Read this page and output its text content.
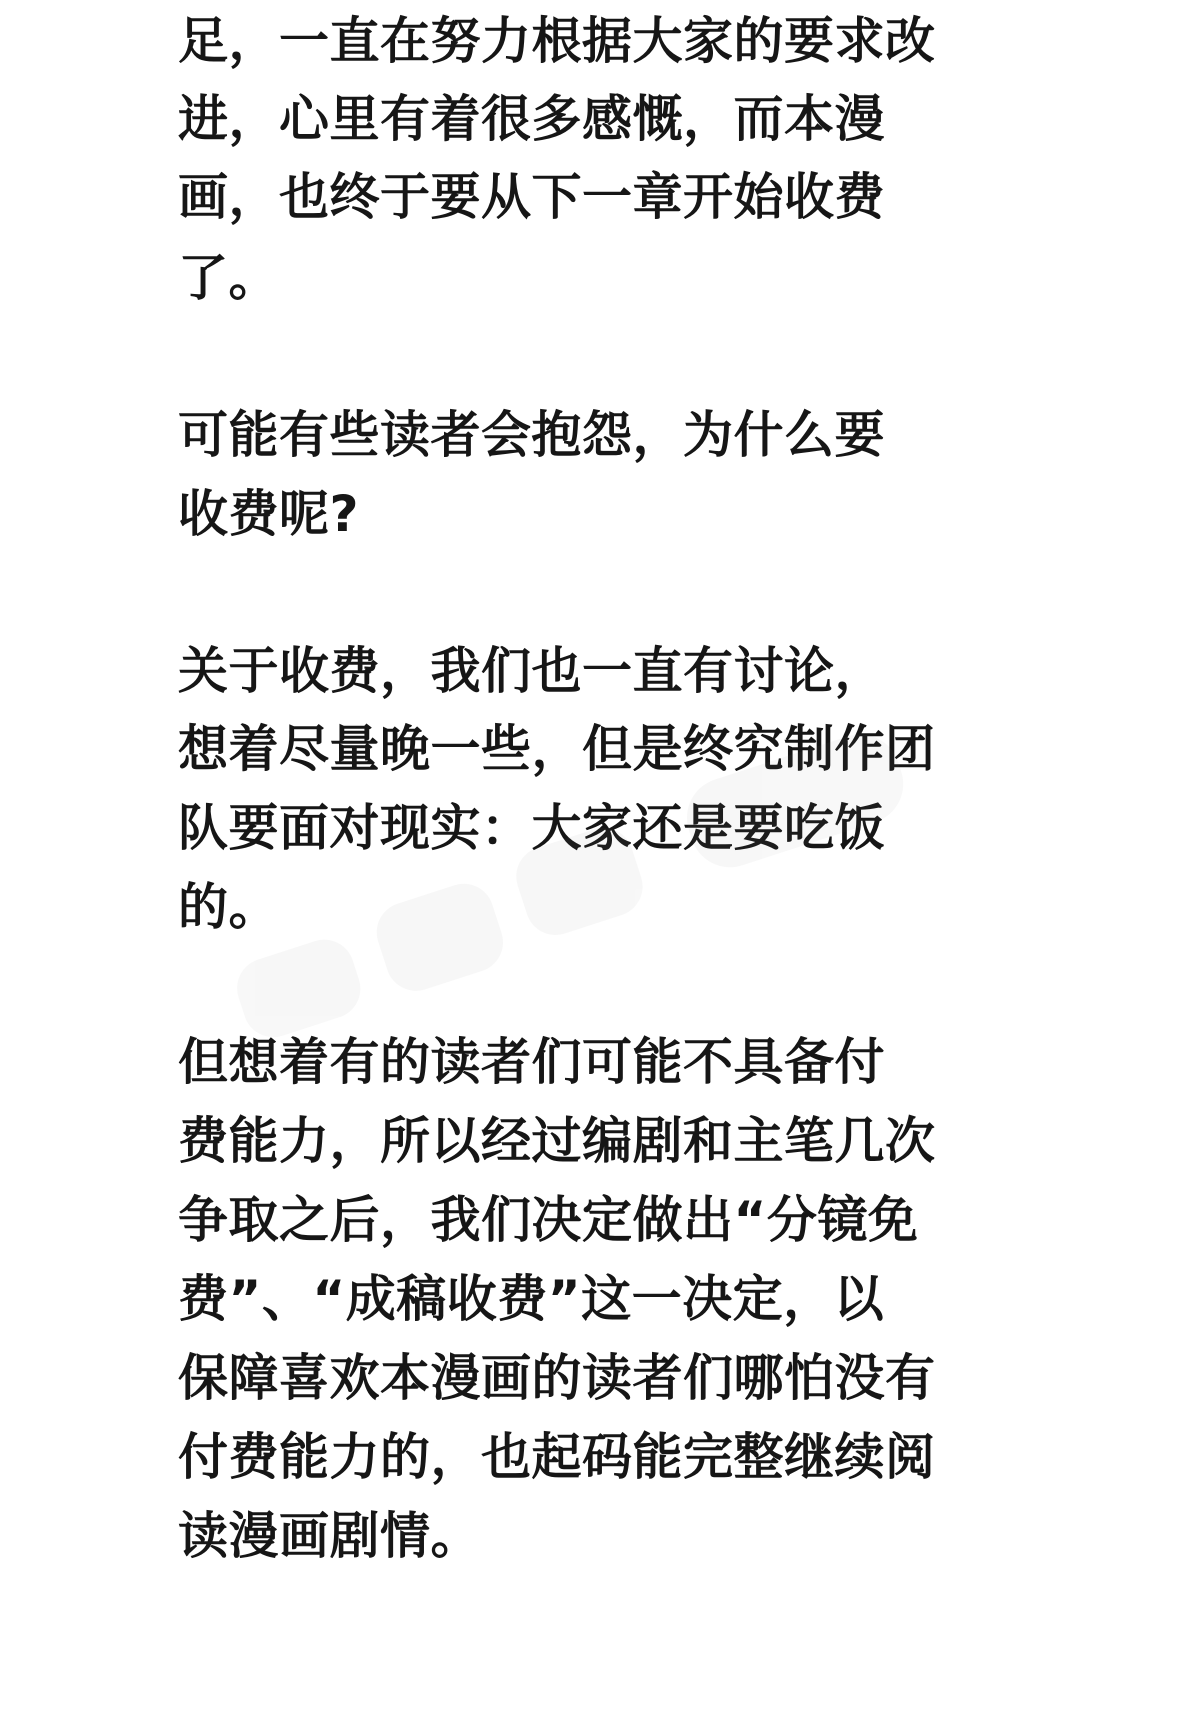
足，一直在努力根据大家的要求改
进，心里有着很多感慨，而本漫
画，也终于要从下一章开始收费
了。
可能有些读者会抱怨，为什么要
收费呢?
关于收费，我们也一直有讨论，
想着尽量晚一些，但是终究制作团
队要面对现实：大家还是要吃饭
的。
但想着有的读者们可能不具备付
费能力，所以经过编剧和主笔几次
争取之后，我们决定做出“分镜免
费”、“成稿收费”这一决定，以
保障喜欢本漫画的读者们哪怕没有
付费能力的，也起码能完整继续阅
读漫画剧情。
